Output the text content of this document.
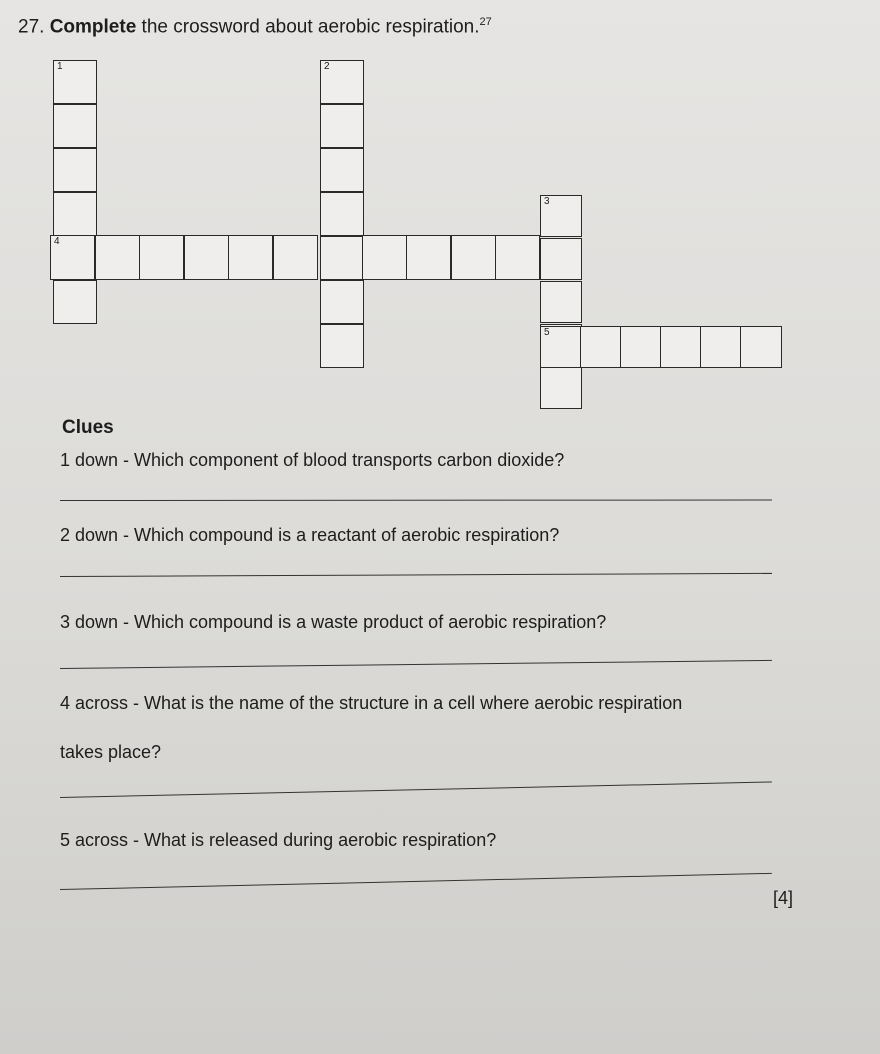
27. Complete the crossword about aerobic respiration.$^{27}$
1	2
3
4
5
Clues
1 down - Which component of blood transports carbon dioxide?
2 down - Which compound is a reactant of aerobic respiration?
3 down - Which compound is a waste product of aerobic respiration?
4 across - What is the name of the structure in a cell where aerobic respiration
takes place?
5 across - What is released during aerobic respiration?
[4]
